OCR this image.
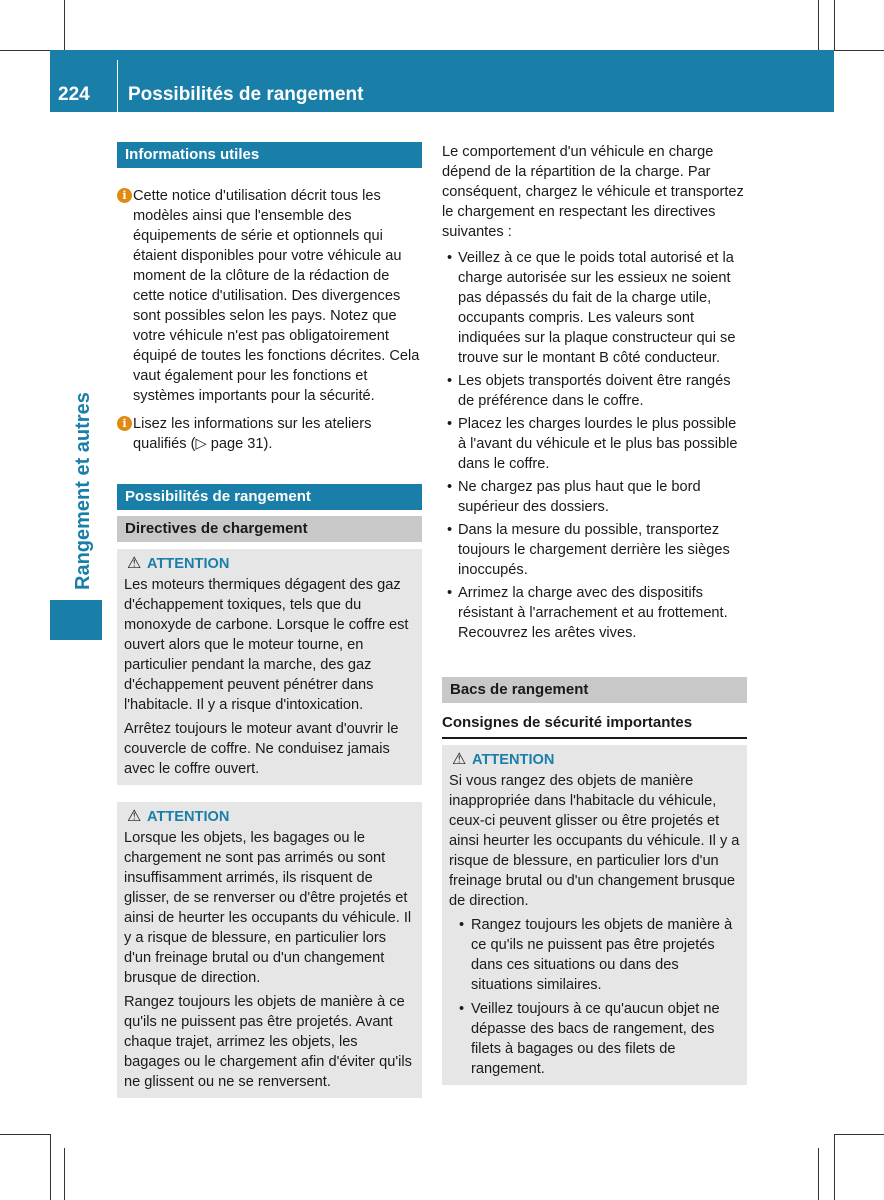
224	Possibilités de rangement
Rangement et autres
Informations utiles
i Cette notice d'utilisation décrit tous les modèles ainsi que l'ensemble des équipements de série et optionnels qui étaient disponibles pour votre véhicule au moment de la clôture de la rédaction de cette notice d'utilisation. Des divergences sont possibles selon les pays. Notez que votre véhicule n'est pas obligatoirement équipé de toutes les fonctions décrites. Cela vaut également pour les fonctions et systèmes importants pour la sécurité.
i Lisez les informations sur les ateliers qualifiés (▷ page 31).
Possibilités de rangement
Directives de chargement
⚠ ATTENTION

Les moteurs thermiques dégagent des gaz d'échappement toxiques, tels que du monoxyde de carbone. Lorsque le coffre est ouvert alors que le moteur tourne, en particulier pendant la marche, des gaz d'échappement peuvent pénétrer dans l'habitacle. Il y a risque d'intoxication.

Arrêtez toujours le moteur avant d'ouvrir le couvercle de coffre. Ne conduisez jamais avec le coffre ouvert.

⚠ ATTENTION

Lorsque les objets, les bagages ou le chargement ne sont pas arrimés ou sont insuffisamment arrimés, ils risquent de glisser, de se renverser ou d'être projetés et ainsi de heurter les occupants du véhicule. Il y a risque de blessure, en particulier lors d'un freinage brutal ou d'un changement brusque de direction.

Rangez toujours les objets de manière à ce qu'ils ne puissent pas être projetés. Avant chaque trajet, arrimez les objets, les bagages ou le chargement afin d'éviter qu'ils ne glissent ou ne se renversent.

Le comportement d'un véhicule en charge dépend de la répartition de la charge. Par conséquent, chargez le véhicule et transportez le chargement en respectant les directives suivantes :

• Veillez à ce que le poids total autorisé et la charge autorisée sur les essieux ne soient pas dépassés du fait de la charge utile, occupants compris. Les valeurs sont indiquées sur la plaque constructeur qui se trouve sur le montant B côté conducteur.

• Les objets transportés doivent être rangés de préférence dans le coffre.

• Placez les charges lourdes le plus possible à l'avant du véhicule et le plus bas possible dans le coffre.

• Ne chargez pas plus haut que le bord supérieur des dossiers.

• Dans la mesure du possible, transportez toujours le chargement derrière les sièges inoccupés.

• Arrimez la charge avec des dispositifs résistant à l'arrachement et au frottement. Recouvrez les arêtes vives.

Bacs de rangement
Consignes de sécurité importantes
⚠ ATTENTION

Si vous rangez des objets de manière inappropriée dans l'habitacle du véhicule, ceux-ci peuvent glisser ou être projetés et ainsi heurter les occupants du véhicule. Il y a risque de blessure, en particulier lors d'un freinage brutal ou d'un changement brusque de direction.

• Rangez toujours les objets de manière à ce qu'ils ne puissent pas être projetés dans ces situations ou dans des situations similaires.

• Veillez toujours à ce qu'aucun objet ne dépasse des bacs de rangement, des filets à bagages ou des filets de rangement.
